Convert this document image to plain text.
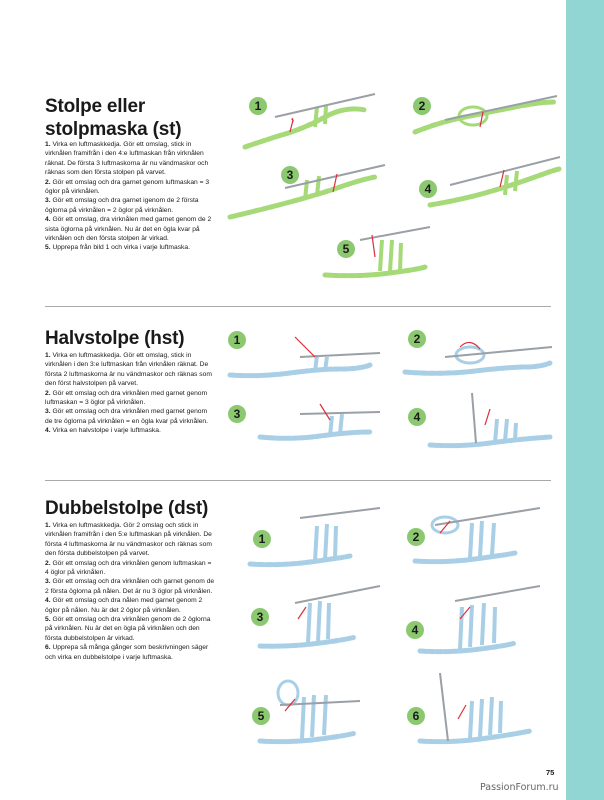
Stolpe eller
stolpmaska (st)

1. Virka en luftmaskkedja. Gör ett omslag, stick in virknålen framifrån i den 4:e luftmaskan från virknålen räknat. De första 3 luftmaskorna är nu vändmaskor och räknas som den första stolpen på varvet.

2. Gör ett omslag och dra garnet genom luftmaskan = 3 öglor på virknålen.

3. Gör ett omslag och dra garnet igenom de 2 första öglorna på virknålen = 2 öglor på virknålen.

4. Gör ett omslag, dra virknålen med garnet genom de 2 sista öglorna på virknålen. Nu är det en ögla kvar på virknålen och den första stolpen är virkad.

5. Upprepa från bild 1 och virka i varje luftmaska.

1	2
3
4
5
Halvstolpe (hst)

1. Virka en luftmaskkedja. Gör ett omslag, stick in virknålen i den 3:e luftmaskan från virknålen räknat. De första 2 luftmaskorna är nu vändmaskor och räknas som den först halvstolpen på varvet.

2. Gör ett omslag och dra virknålen med garnet genom luftmaskan = 3 öglor på virknålen.

3. Gör ett omslag och dra virknålen med garnet genom de tre öglorna på virknålen = en ögla kvar på virknålen.

4. Virka en halvstolpe i varje luftmaska.

1	2
3	4
Dubbelstolpe (dst)

1. Virka en luftmaskkedja. Gör 2 omslag och stick in virknålen framifrån i den 5:e luftmaskan på virknålen. De första 4 luftmaskorna är nu vändmaskor och räknas som den första dubbelstolpen på varvet.

2. Gör ett omslag och dra virknålen genom luftmaskan = 4 öglor på virknålen.

3. Gör ett omslag och dra virknålen och garnet genom de 2 första öglorna på nålen. Det är nu 3 öglor på virknålen.

4. Gör ett omslag och dra nålen med garnet genom 2 öglor på nålen. Nu är det 2 öglor på virknålen.

5. Gör ett omslag och dra virknålen genom de 2 öglorna på virknålen. Nu är det en ögla på virknålen och den första dubbelstolpen är virkad.

6. Upprepa så många gånger som beskrivningen säger och virka en dubbelstolpe i varje luftmaska.

1	2
3
4
5	6
75
PassionForum.ru
